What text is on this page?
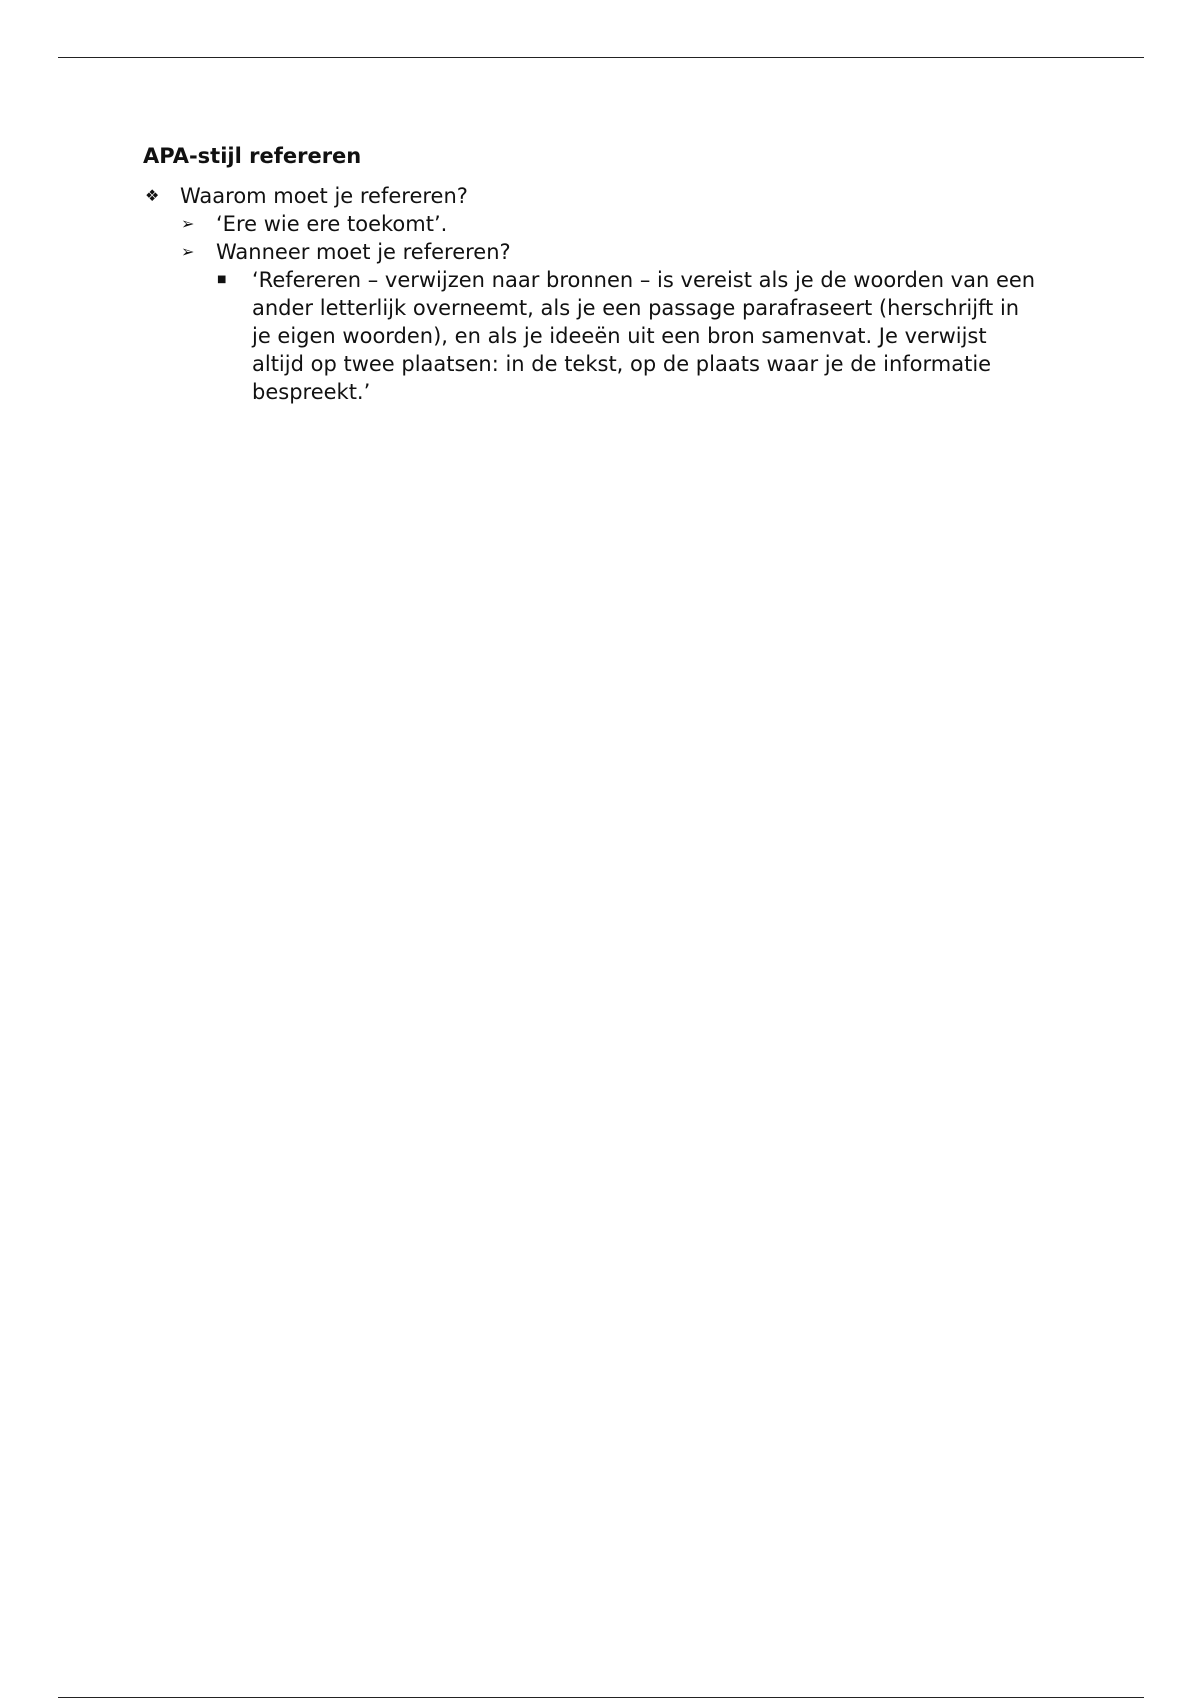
APA-stijl refereren
❖ Waarom moet je refereren?
➢	‘Ere wie ere toekomt’.
➢	Wanneer moet je refereren?
■	‘Refereren – verwijzen naar bronnen – is vereist als je de woorden van een ander letterlijk overneemt, als je een passage parafraseert (herschrijft in je eigen woorden), en als je ideeën uit een bron samenvat. Je verwijst altijd op twee plaatsen: in de tekst, op de plaats waar je de informatie bespreekt.’
